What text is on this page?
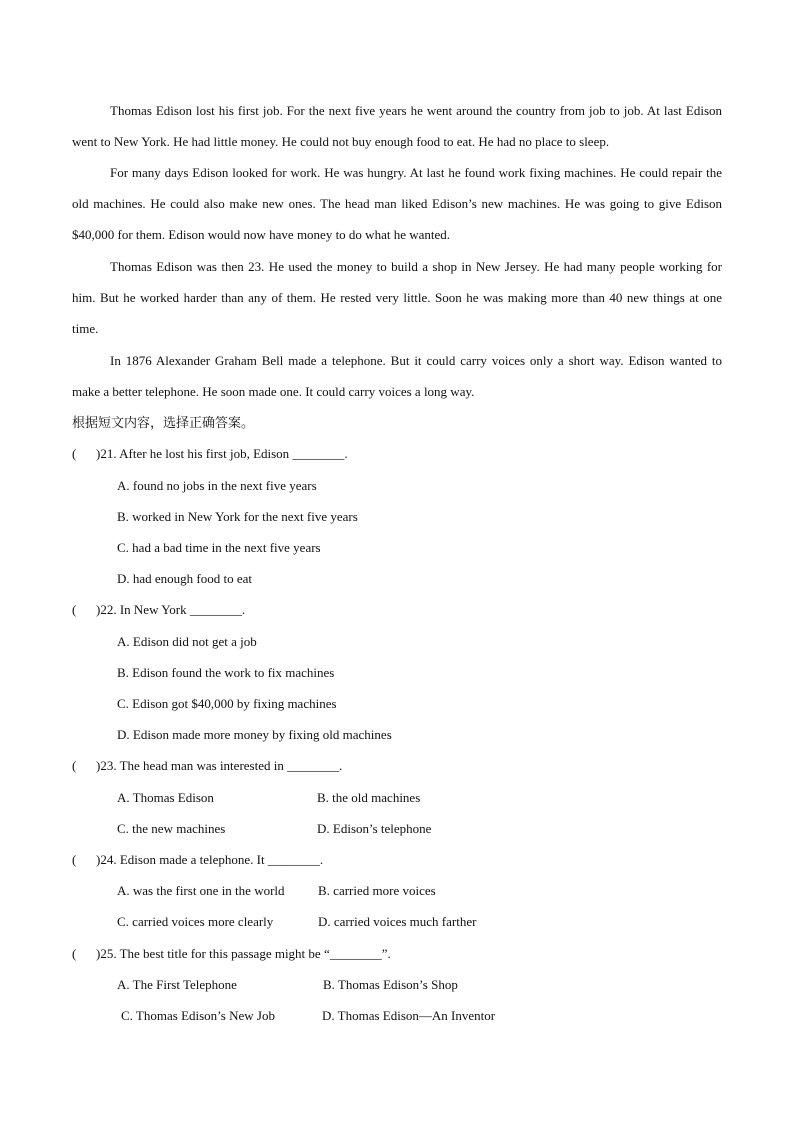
Thomas Edison lost his first job. For the next five years he went around the country from job to job. At last Edison went to New York. He had little money. He could not buy enough food to eat. He had no place to sleep.

For many days Edison looked for work. He was hungry. At last he found work fixing machines. He could repair the old machines. He could also make new ones. The head man liked Edison’s new machines. He was going to give Edison $40,000 for them. Edison would now have money to do what he wanted.

Thomas Edison was then 23. He used the money to build a shop in New Jersey. He had many people working for him. But he worked harder than any of them. He rested very little. Soon he was making more than 40 new things at one time.

In 1876 Alexander Graham Bell made a telephone. But it could carry voices only a short way. Edison wanted to make a better telephone. He soon made one. It could carry voices a long way.

根据短文内容，选择正确答案。
( )21. After he lost his first job, Edison ________.
A. found no jobs in the next five years
B. worked in New York for the next five years
C. had a bad time in the next five years
D. had enough food to eat
( )22. In New York ________.
A. Edison did not get a job
B. Edison found the work to fix machines
C. Edison got $40,000 by fixing machines
D. Edison made more money by fixing old machines
( )23. The head man was interested in ________.
A. Thomas Edison	B. the old machines
C. the new machines	D. Edison’s telephone
( )24. Edison made a telephone. It ________.
A. was the first one in the world	B. carried more voices
C. carried voices more clearly	D. carried voices much farther
( )25. The best title for this passage might be “________”.
A. The First Telephone	B. Thomas Edison’s Shop
C. Thomas Edison’s New Job	D. Thomas Edison—An Inventor
